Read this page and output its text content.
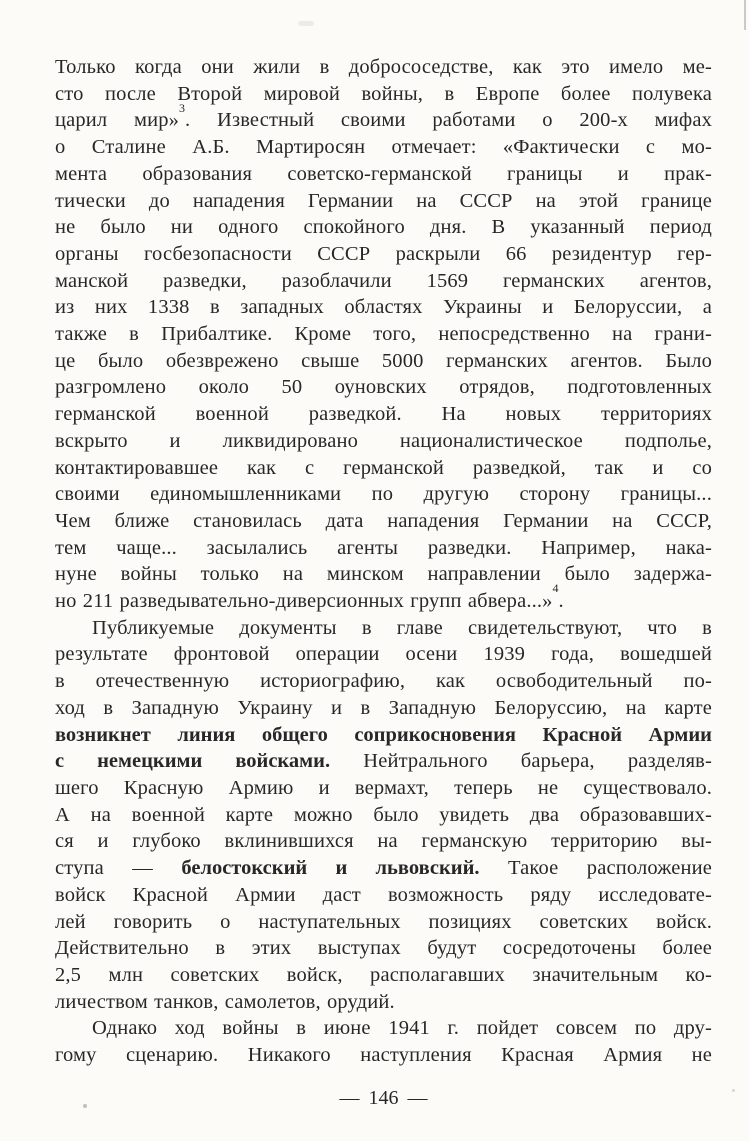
Только когда они жили в добрососедстве, как это имело ме-
сто после Второй мировой войны, в Европе более полувека
царил мир»$^3$. Известный своими работами о 200-х мифах
о Сталине А.Б. Мартиросян отмечает: «Фактически с мо-
мента образования советско-германской границы и прак-
тически до нападения Германии на СССР на этой границе
не было ни одного спокойного дня. В указанный период
органы госбезопасности СССР раскрыли 66 резидентур гер-
манской разведки, разоблачили 1569 германских агентов,
из них 1338 в западных областях Украины и Белоруссии, а
также в Прибалтике. Кроме того, непосредственно на грани-
це было обезврежено свыше 5000 германских агентов. Было
разгромлено около 50 оуновских отрядов, подготовленных
германской военной разведкой. На новых территориях
вскрыто и ликвидировано националистическое подполье,
контактировавшее как с германской разведкой, так и со
своими единомышленниками по другую сторону границы...
Чем ближе становилась дата нападения Германии на СССР,
тем чаще... засылались агенты разведки. Например, нака-
нуне войны только на минском направлении было задержа-
но 211 разведывательно-диверсионных групп абвера...»$^4$.
Публикуемые документы в главе свидетельствуют, что в
результате фронтовой операции осени 1939 года, вошедшей
в отечественную историографию, как освободительный по-
ход в Западную Украину и в Западную Белоруссию, на карте
возникнет линия общего соприкосновения Красной Армии
с немецкими войсками. Нейтрального барьера, разделяв-
шего Красную Армию и вермахт, теперь не существовало.
А на военной карте можно было увидеть два образовавших-
ся и глубоко вклинившихся на германскую территорию вы-
ступа — белостокский и львовский. Такое расположение
войск Красной Армии даст возможность ряду исследовате-
лей говорить о наступательных позициях советских войск.
Действительно в этих выступах будут сосредоточены более
2,5 млн советских войск, располагавших значительным ко-
личеством танков, самолетов, орудий.
Однако ход войны в июне 1941 г. пойдет совсем по дру-
гому сценарию. Никакого наступления Красная Армия не
— 146 —
